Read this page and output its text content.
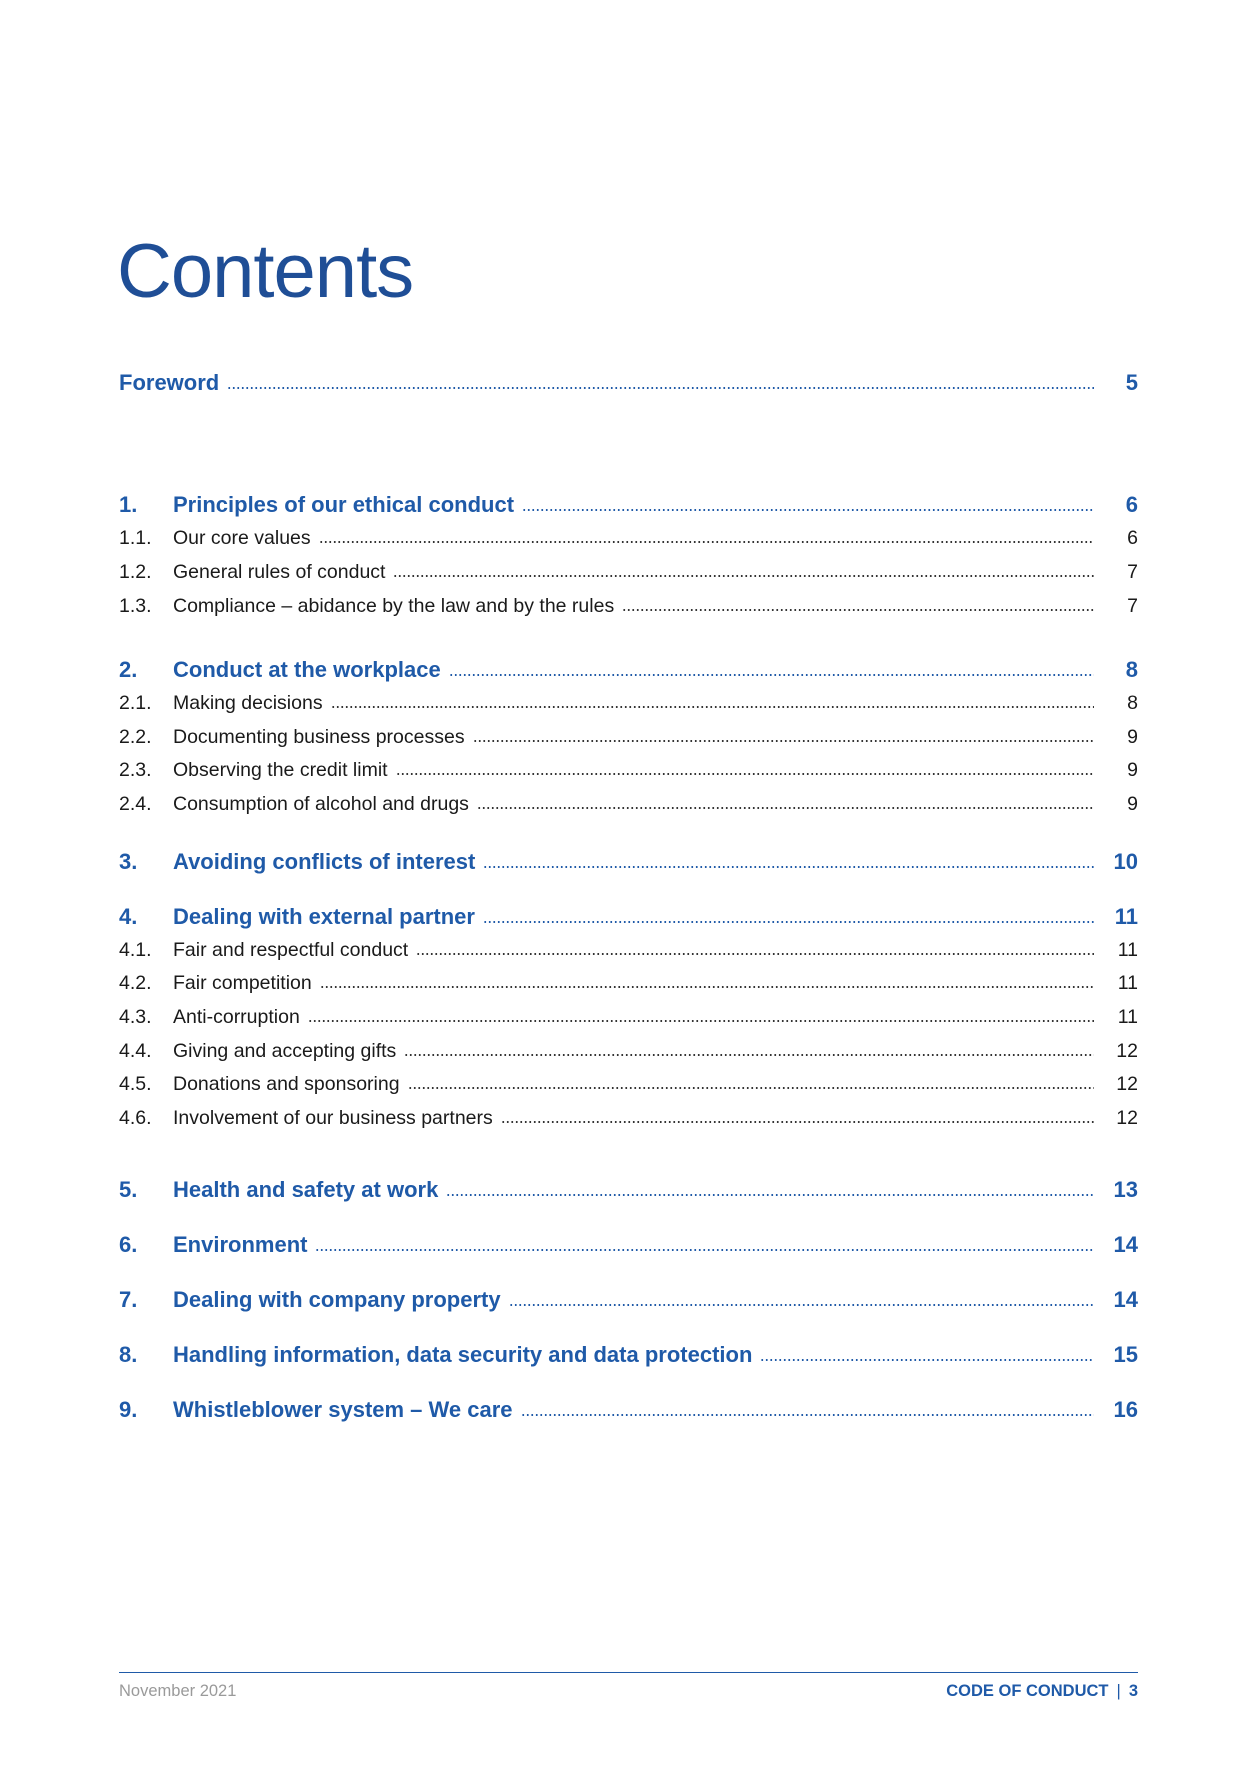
Contents
Foreword	5
1.	Principles of our ethical conduct	6
1.1.	Our core values	6
1.2.	General rules of conduct	7
1.3.	Compliance – abidance by the law and by the rules	7
2.	Conduct at the workplace	8
2.1.	Making decisions	8
2.2.	Documenting business processes	9
2.3.	Observing the credit limit	9
2.4.	Consumption of alcohol and drugs	9
3.	Avoiding conflicts of interest	10
4.	Dealing with external partner	11
4.1.	Fair and respectful conduct	11
4.2.	Fair competition	11
4.3.	Anti-corruption	11
4.4.	Giving and accepting gifts	12
4.5.	Donations and sponsoring	12
4.6.	Involvement of our business partners	12
5.	Health and safety at work	13
6.	Environment	14
7.	Dealing with company property	14
8.	Handling information, data security and data protection	15
9.	Whistleblower system – We care	16
November 2021	CODE OF CONDUCT | 3
